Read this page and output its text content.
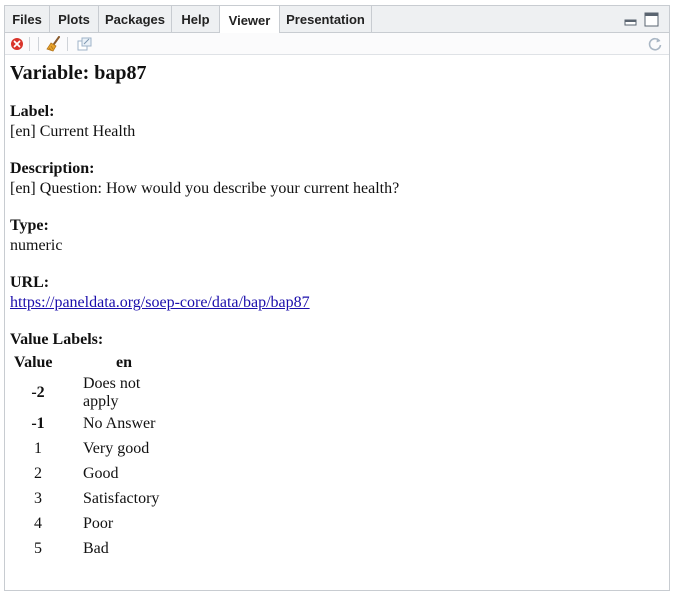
Files	Plots	Packages	Help	Viewer	Presentation
Variable: bap87
Label:
[en] Current Health
Description:
[en] Question: How would you describe your current health?
Type:
numeric
URL:
https://paneldata.org/soep-core/data/bap/bap87
Value Labels:
Value	en
-2	Does not apply
-1	No Answer
1	Very good
2	Good
3	Satisfactory
4	Poor
5	Bad
